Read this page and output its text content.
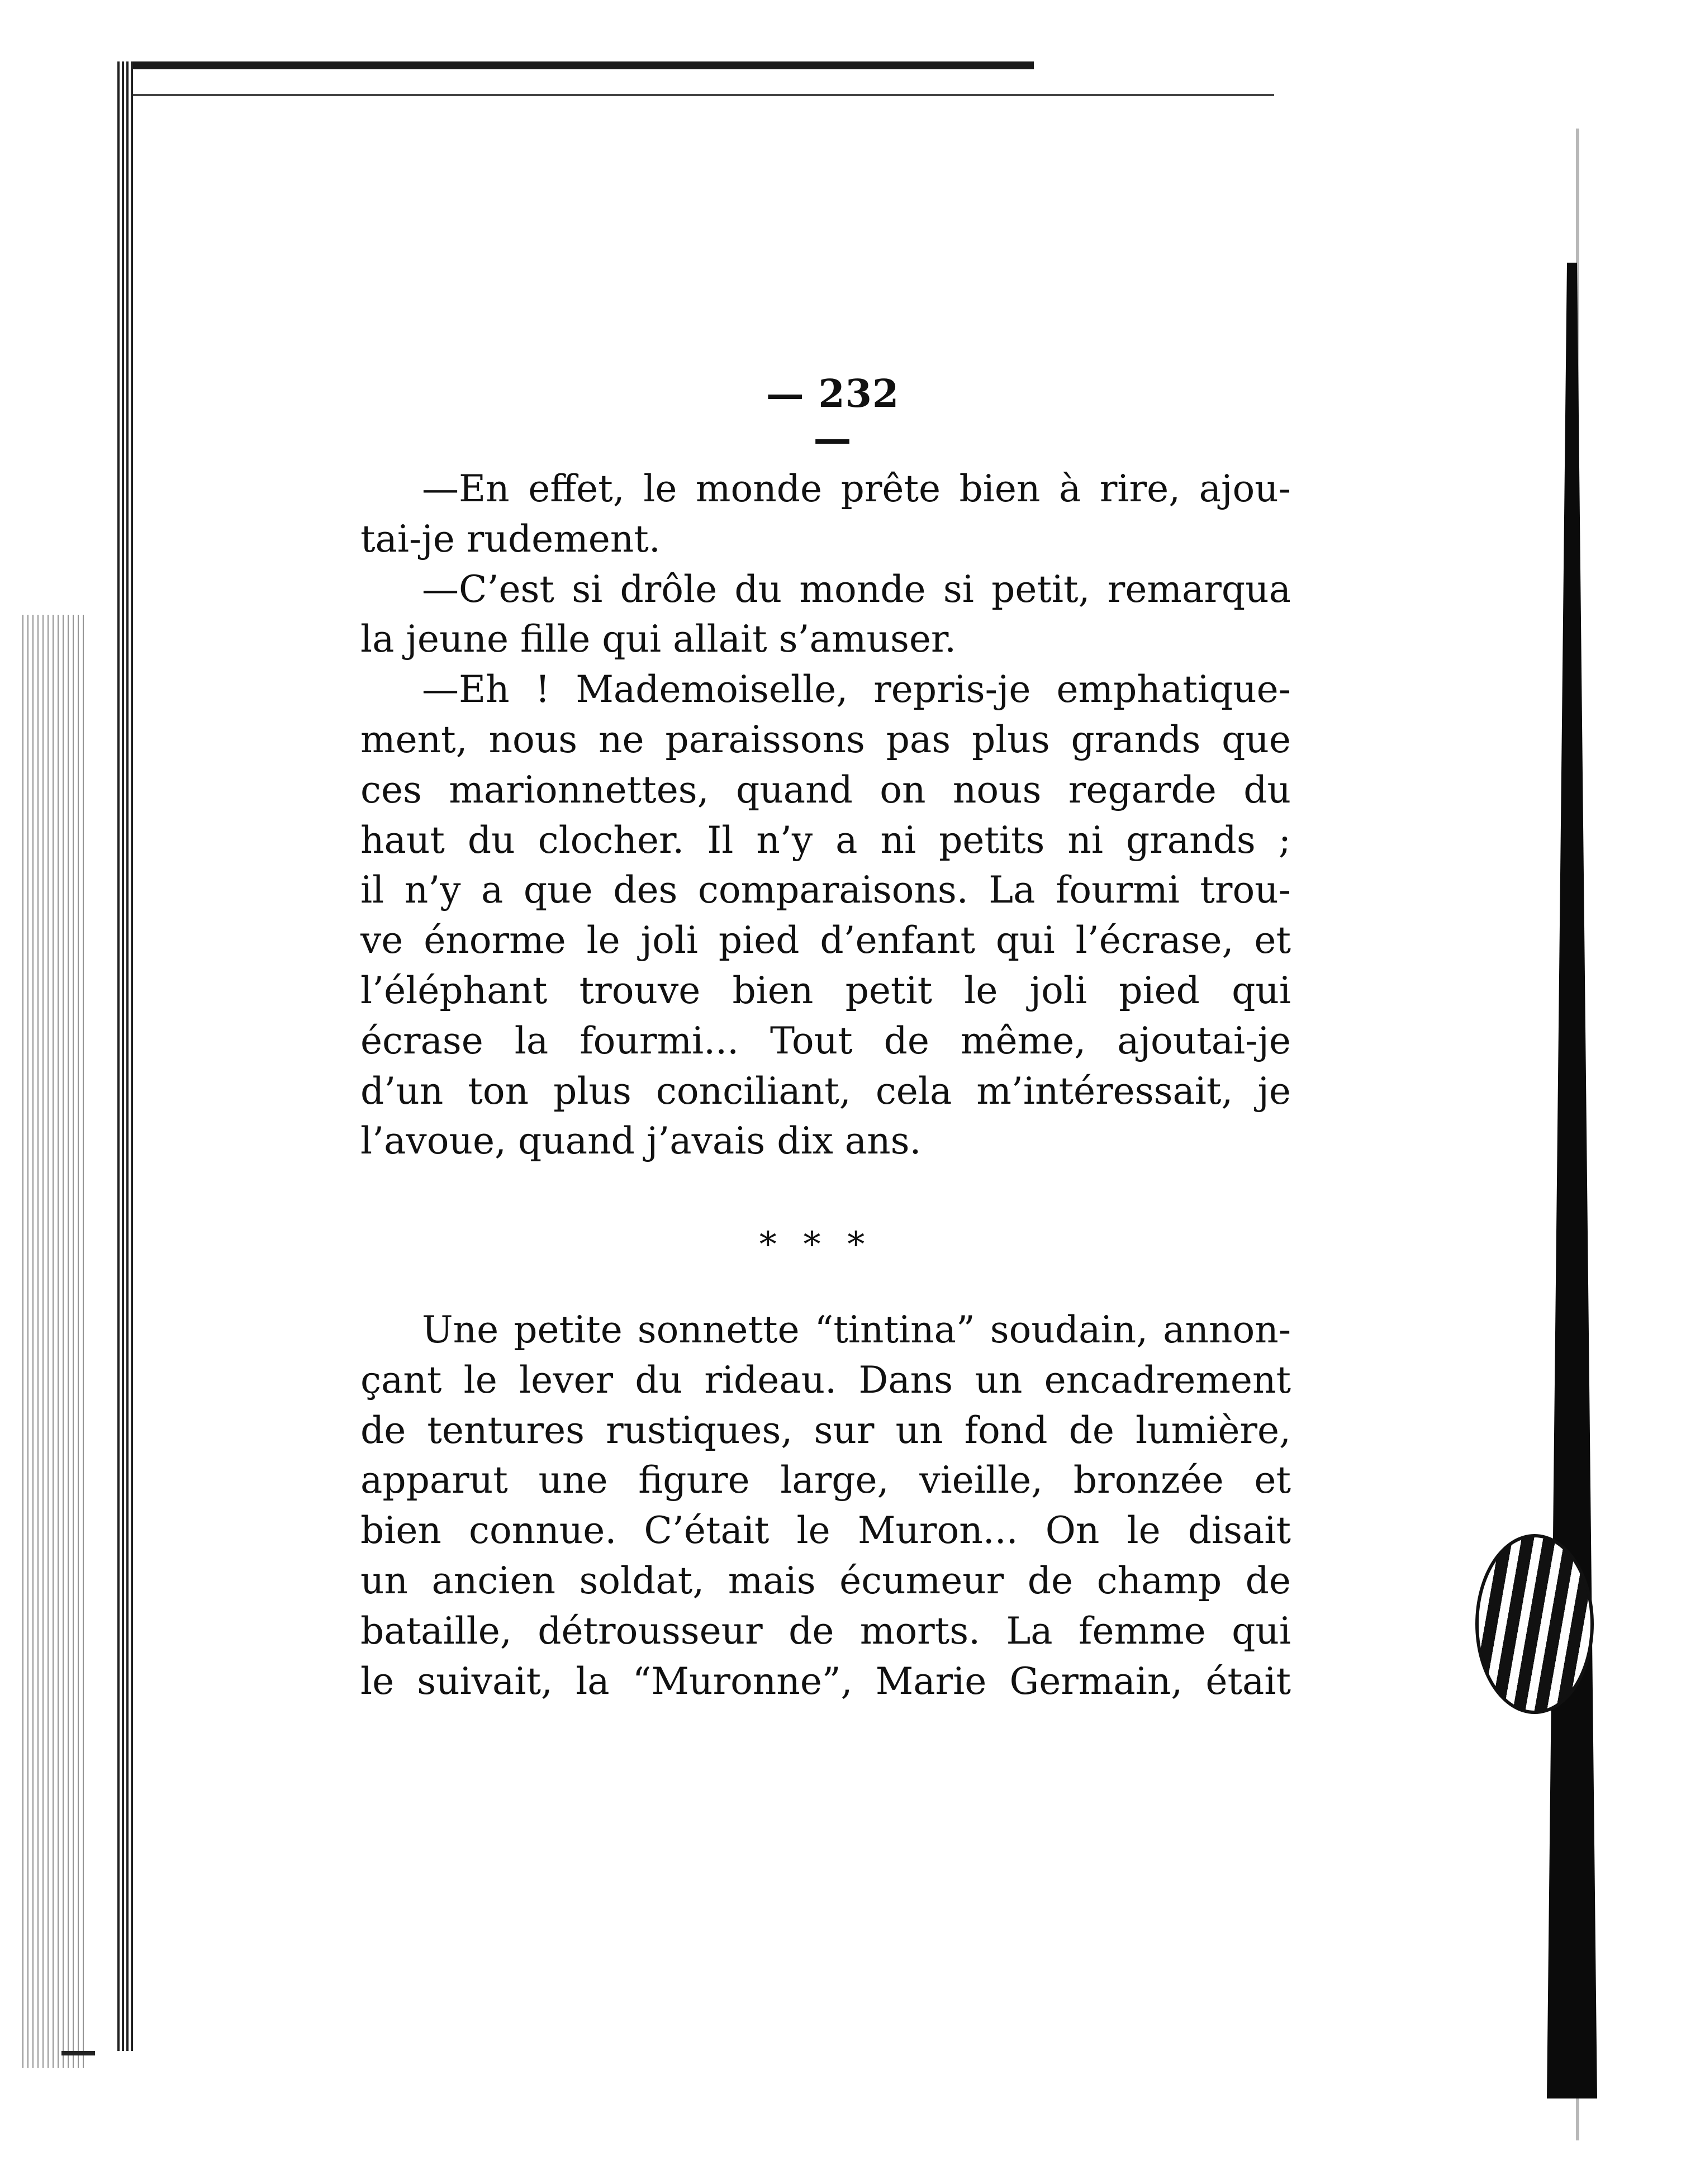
— 232 —
—En effet, le monde prête bien à rire, ajou-
tai-je rudement.
—C’est si drôle du monde si petit, remarqua
la jeune fille qui allait s’amuser.
—Eh ! Mademoiselle, repris-je emphatique-
ment, nous ne paraissons pas plus grands que
ces marionnettes, quand on nous regarde du
haut du clocher. Il n’y a ni petits ni grands ;
il n’y a que des comparaisons. La fourmi trou-
ve énorme le joli pied d’enfant qui l’écrase, et
l’éléphant trouve bien petit le joli pied qui
écrase la fourmi... Tout de même, ajoutai-je
d’un ton plus conciliant, cela m’intéressait, je
l’avoue, quand j’avais dix ans.
* * *
Une petite sonnette “tintina” soudain, annon-
çant le lever du rideau. Dans un encadrement
de tentures rustiques, sur un fond de lumière,
apparut une figure large, vieille, bronzée et
bien connue. C’était le Muron... On le disait
un ancien soldat, mais écumeur de champ de
bataille, détrousseur de morts. La femme qui
le suivait, la “Muronne”, Marie Germain, était
